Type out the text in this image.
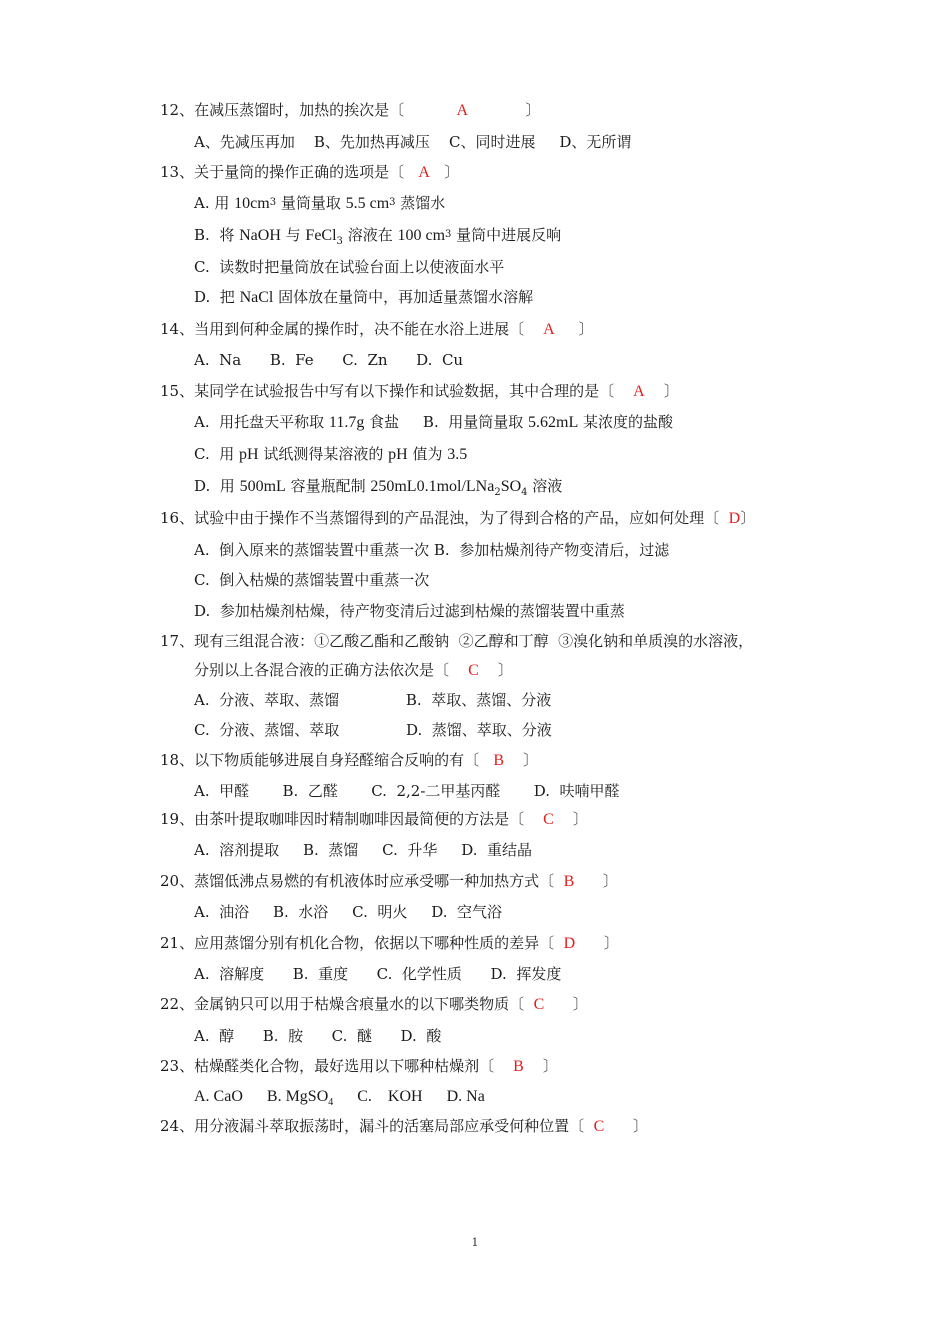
12、在减压蒸馏时，加热的挨次是〔	A	〕
A、先减压再加    B、先加热再减压    C、同时进展     D、无所谓
13、关于量筒的操作正确的选项是〔 A 〕
A. 用 $10cm^3$ 量筒量取 5.5 $cm^3$ 蒸馏水
B.  将 NaOH 与 FeCl$_3$ 溶液在 100 $cm^3$ 量筒中进展反响
C.  读数时把量筒放在试验台面上以使液面水平
D.  把 NaCl 固体放在量筒中，再加适量蒸馏水溶解
14、当用到何种金属的操作时，决不能在水浴上进展〔 A 〕
A.  Na      B.  Fe      C.  Zn      D.  Cu
15、某同学在试验报告中写有以下操作和试验数据，其中合理的是〔 A 〕
A.  用托盘天平称取 11.7g 食盐     B.  用量筒量取 5.62mL 某浓度的盐酸
C.  用 pH 试纸测得某溶液的 pH 值为 3.5
D.  用 500mL 容量瓶配制 $250mL0.1mol/LNa_2SO_4$ 溶液
16、试验中由于操作不当蒸馏得到的产品混浊，为了得到合格的产品，应如何处理〔 D〕
A.  倒入原来的蒸馏装置中重蒸一次 B.  参加枯燥剂待产物变清后，过滤
C.  倒入枯燥的蒸馏装置中重蒸一次
D.  参加枯燥剂枯燥，待产物变清后过滤到枯燥的蒸馏装置中重蒸
17、现有三组混合液：①乙酸乙酯和乙酸钠  ②乙醇和丁醇  ③溴化钠和单质溴的水溶液，
分别以上各混合液的正确方法依次是〔 C 〕
A.  分液、萃取、蒸馏              B.  萃取、蒸馏、分液
C.  分液、蒸馏、萃取              D.  蒸馏、萃取、分液
18、以下物质能够进展自身羟醛缩合反响的有〔 B 〕
A.  甲醛       B.  乙醛       C.  2,2-二甲基丙醛       D.  呋喃甲醛
19、由茶叶提取咖啡因时精制咖啡因最简便的方法是〔 C 〕
A.  溶剂提取     B.  蒸馏     C.  升华     D.  重结晶
20、蒸馏低沸点易燃的有机液体时应承受哪一种加热方式〔 B 〕
A.  油浴     B.  水浴     C.  明火     D.  空气浴
21、应用蒸馏分别有机化合物，依据以下哪种性质的差异〔 D 〕
A.  溶解度      B.  重度      C.  化学性质      D.  挥发度
22、金属钠只可以用于枯燥含痕量水的以下哪类物质〔 C 〕
A.  醇      B.  胺      C.  醚      D.  酸
23、枯燥醛类化合物，最好选用以下哪种枯燥剂〔 B 〕
A. CaO B. MgSO$_4$ C.    KOH D. Na
24、用分液漏斗萃取振荡时，漏斗的活塞局部应承受何种位置〔 C 〕
1
